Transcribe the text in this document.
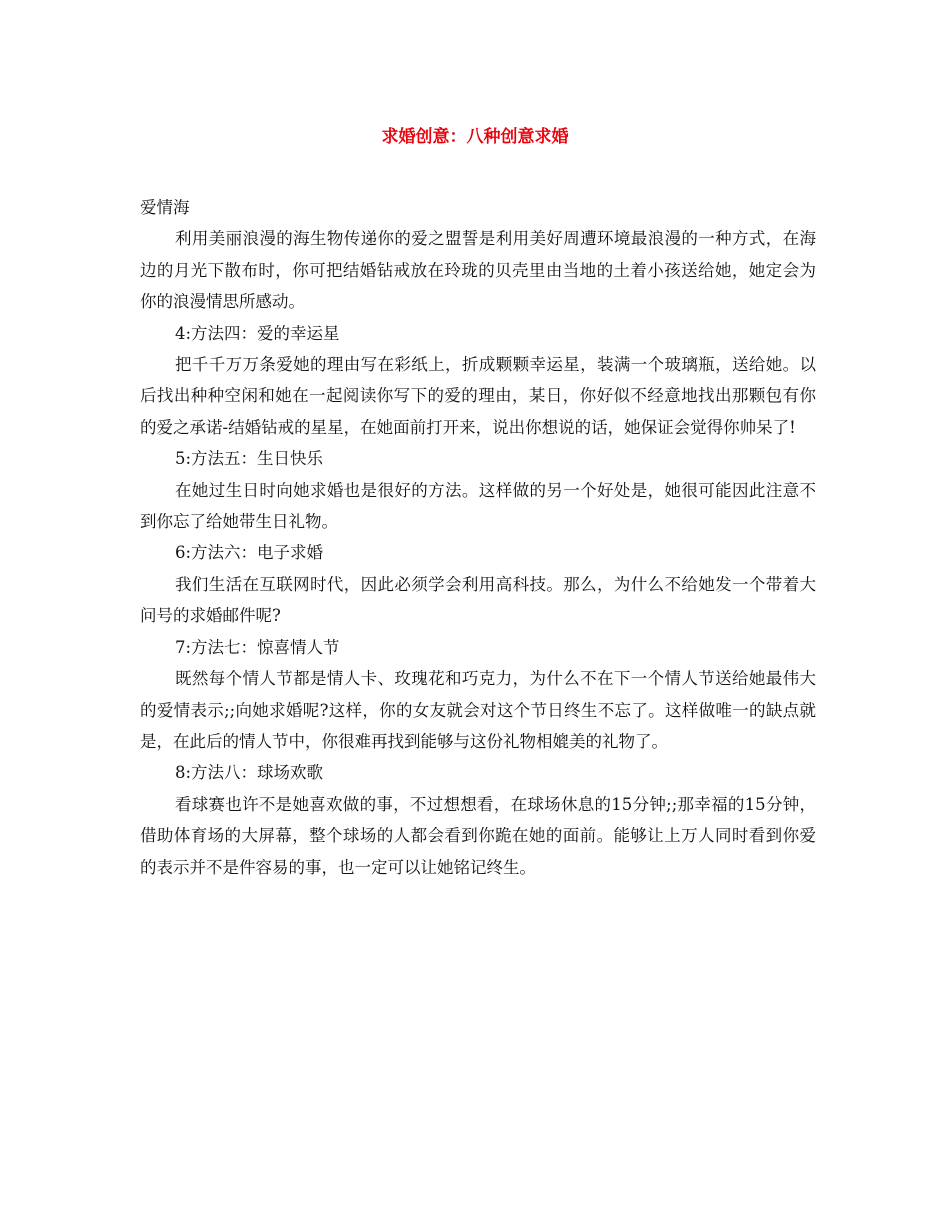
求婚创意：八种创意求婚

爱情海

利用美丽浪漫的海生物传递你的爱之盟誓是利用美好周遭环境最浪漫的一种方式，在海边的月光下散布时，你可把结婚钻戒放在玲珑的贝壳里由当地的土着小孩送给她，她定会为你的浪漫情思所感动。

4:方法四：爱的幸运星

把千千万万条爱她的理由写在彩纸上，折成颗颗幸运星，装满一个玻璃瓶，送给她。以后找出种种空闲和她在一起阅读你写下的爱的理由，某日，你好似不经意地找出那颗包有你的爱之承诺-结婚钻戒的星星，在她面前打开来，说出你想说的话，她保证会觉得你帅呆了!

5:方法五：生日快乐

在她过生日时向她求婚也是很好的方法。这样做的另一个好处是，她很可能因此注意不到你忘了给她带生日礼物。

6:方法六：电子求婚

我们生活在互联网时代，因此必须学会利用高科技。那么，为什么不给她发一个带着大问号的求婚邮件呢?

7:方法七：惊喜情人节

既然每个情人节都是情人卡、玫瑰花和巧克力，为什么不在下一个情人节送给她最伟大的爱情表示;;向她求婚呢?这样，你的女友就会对这个节日终生不忘了。这样做唯一的缺点就是，在此后的情人节中，你很难再找到能够与这份礼物相媲美的礼物了。

8:方法八：球场欢歌

看球赛也许不是她喜欢做的事，不过想想看，在球场休息的15分钟;;那幸福的15分钟，借助体育场的大屏幕，整个球场的人都会看到你跪在她的面前。能够让上万人同时看到你爱的表示并不是件容易的事，也一定可以让她铭记终生。
